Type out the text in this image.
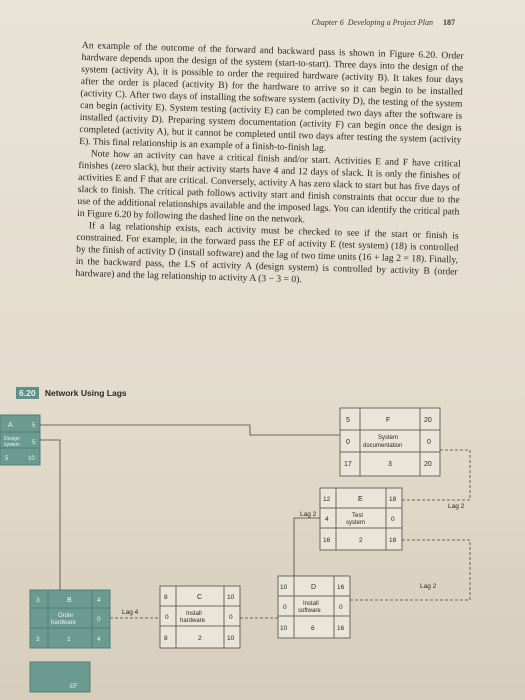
Chapter 6 Developing a Project Plan 187

An example of the outcome of the forward and backward pass is shown in Figure 6.20. Order hardware depends upon the design of the system (start-to-start). Three days into the design of the system (activity A), it is possible to order the required hardware (activity B). It takes four days after the order is placed (activity B) for the hardware to arrive so it can begin to be installed (activity C). After two days of installing the software system (activity D), the testing of the system can begin (activity E). System testing (activity E) can be completed two days after the software is installed (activity D). Preparing system documentation (activity F) can begin once the design is completed (activity A), but it cannot be completed until two days after testing the system (activity E). This final relationship is an example of a finish-to-finish lag.

Note how an activity can have a critical finish and/or start. Activities E and F have critical finishes (zero slack), but their activity starts have 4 and 12 days of slack. It is only the finishes of activities E and F that are critical. Conversely, activity A has zero slack to start but has five days of slack to finish. The critical path follows activity start and finish constraints that occur due to the use of the additional relationships available and the imposed lags. You can identify the critical path in Figure 6.20 by following the dashed line on the network.

If a lag relationship exists, each activity must be checked to see if the start or finish is constrained. For example, in the forward pass the EF of activity E (test system) (18) is controlled by the finish of activity D (install software) and the lag of two time units (16 + lag 2 = 18). Finally, in the backward pass, the LS of activity A (design system) is controlled by activity B (order hardware) and the lag relationship to activity A (3 − 3 = 0).

6.20 Network Using Lags
A	5
Design
system 5
5	10
5	F	20
System
documentation
0	0
17	3	20
12	E	18
Test
system
4	0
16	2	18
10	D	16
Install
software
0	0
10	6	16
8	C	10
Install
hardware
0	0
8	2	10
3	B	4
Order
hardware	0
3	1	4
Lag 2
Lag 2
Lag 2
Lag 4
EF
